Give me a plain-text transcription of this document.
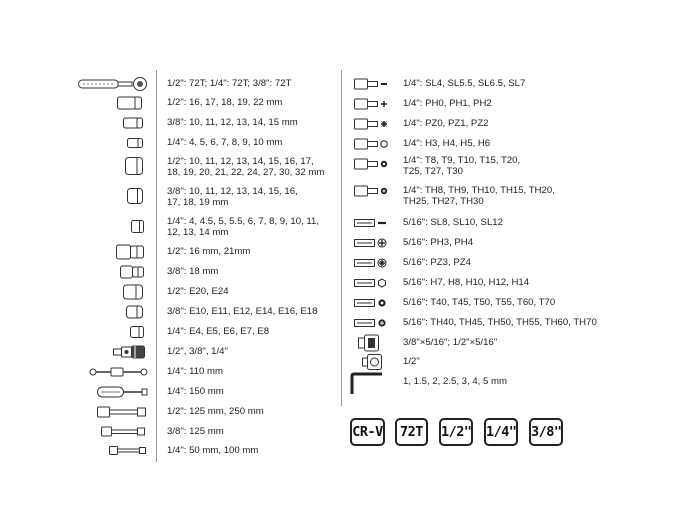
1/2": 72T; 1/4": 72T; 3/8": 72T
1/2": 16, 17, 18, 19, 22 mm
3/8": 10, 11, 12, 13, 14, 15 mm
1/4": 4, 5, 6, 7, 8, 9, 10 mm
1/2": 10, 11, 12, 13, 14, 15, 16, 17,
18, 19, 20, 21, 22, 24, 27, 30, 32 mm
3/8": 10, 11, 12, 13, 14, 15, 16,
17, 18, 19 mm
1/4": 4, 4.5, 5, 5.5, 6, 7, 8, 9, 10, 11,
12, 13, 14 mm
1/2": 16 mm, 21mm
3/8": 18 mm
1/2": E20, E24
3/8": E10, E11, E12, E14, E16, E18
1/4": E4, E5, E6, E7, E8
1/2", 3/8", 1/4"
1/4": 110 mm
1/4": 150 mm
1/2": 125 mm, 250 mm
3/8": 125 mm
1/4": 50 mm, 100 mm
1/4": SL4, SL5.5, SL6.5, SL7
1/4": PH0, PH1, PH2
1/4": PZ0, PZ1, PZ2
1/4": H3, H4, H5, H6
1/4": T8, T9, T10, T15, T20,
T25, T27, T30
1/4": TH8, TH9, TH10, TH15, TH20,
TH25, TH27, TH30
5/16": SL8, SL10, SL12
5/16": PH3, PH4
5/16": PZ3, PZ4
5/16": H7, H8, H10, H12, H14
5/16": T40, T45, T50, T55, T60, T70
5/16": TH40, TH45, TH50, TH55, TH60, TH70
3/8"×5/16"; 1/2"×5/16"
1/2"
1, 1.5, 2, 2.5, 3, 4, 5 mm
CR-V	72T	1/2" 1/4" 3/8"
